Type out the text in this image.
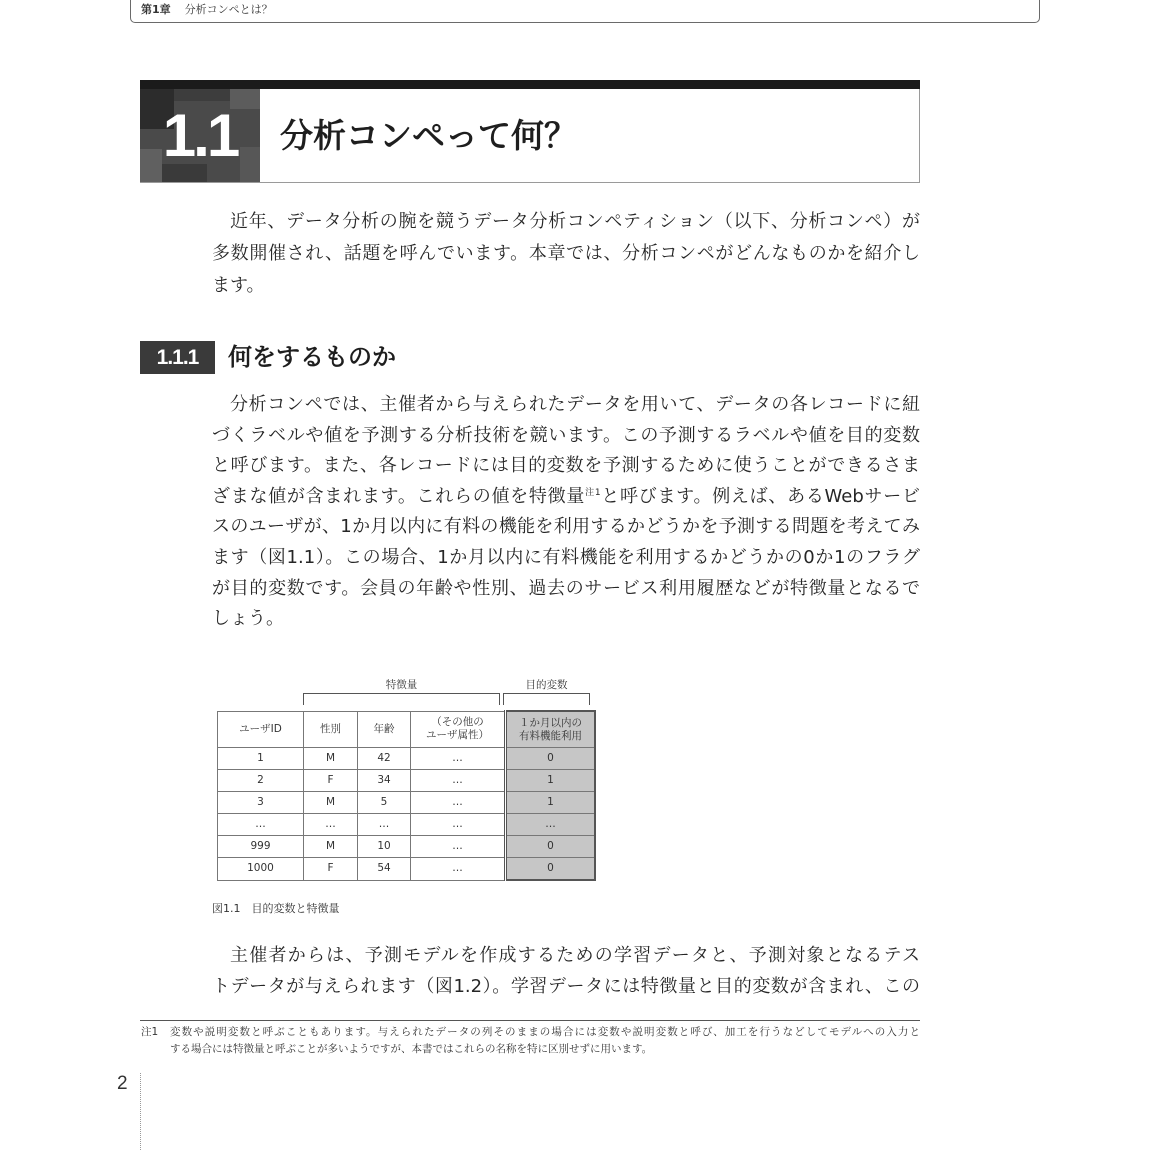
第1章 分析コンペとは？
1.1	分析コンペって何？
近年、データ分析の腕を競うデータ分析コンペティション（以下、分析コンペ）が
多数開催され、話題を呼んでいます。本章では、分析コンペがどんなものかを紹介し
ます。
1.1.1	何をするものか
分析コンペでは、主催者から与えられたデータを用いて、データの各レコードに紐
づくラベルや値を予測する分析技術を競います。この予測するラベルや値を目的変数
と呼びます。また、各レコードには目的変数を予測するために使うことができるさま
ざまな値が含まれます。これらの値を特徴量$^{注1}$と呼びます。例えば、あるWebサービ
スのユーザが、1か月以内に有料の機能を利用するかどうかを予測する問題を考えてみ
ます（図1.1）。この場合、1か月以内に有料機能を利用するかどうかの0か1のフラグ
が目的変数です。会員の年齢や性別、過去のサービス利用履歴などが特徴量となるで
しょう。
特徴量	目的変数
ユーザID	性別	年齢	（その他の
ユーザ属性）	１か月以内の
有料機能利用

1	M	42	…	0
2	F	34	…	1
3	M	5	…	1
…	…	…	…	…
999	M	10	…	0
1000	F	54	…	0
図1.1　目的変数と特徴量
主催者からは、予測モデルを作成するための学習データと、予測対象となるテス
トデータが与えられます（図1.2）。学習データには特徴量と目的変数が含まれ、この
注1 変数や説明変数と呼ぶこともあります。与えられたデータの列そのままの場合には変数や説明変数と呼び、加工を行うなどしてモデルへの入力と
する場合には特徴量と呼ぶことが多いようですが、本書ではこれらの名称を特に区別せずに用います。
2
